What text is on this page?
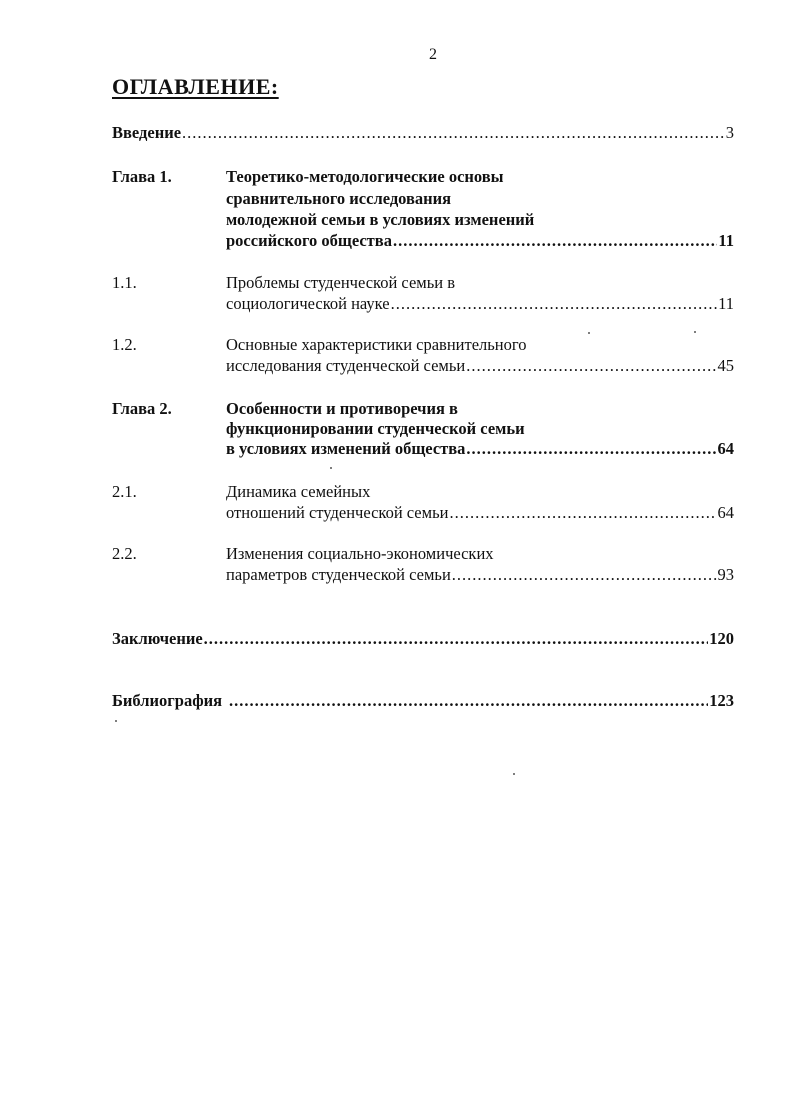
2
ОГЛАВЛЕНИЕ:
Введение .....	3
Глава 1.	Теоретико-методологические основы
сравнительного исследования
молодежной семьи в условиях изменений
российского общества .....	11
1.1.	Проблемы студенческой семьи в
социологической науке .....	11
1.2.	Основные характеристики сравнительного
исследования студенческой семьи .....	45
Глава 2.	Особенности и противоречия в
функционировании студенческой семьи
в условиях изменений общества .....	64
2.1.	Динамика семейных
отношений студенческой семьи .....	64
2.2.	Изменения социально-экономических
параметров студенческой семьи .....	93
Заключение .....	120
Библиография .....	123
